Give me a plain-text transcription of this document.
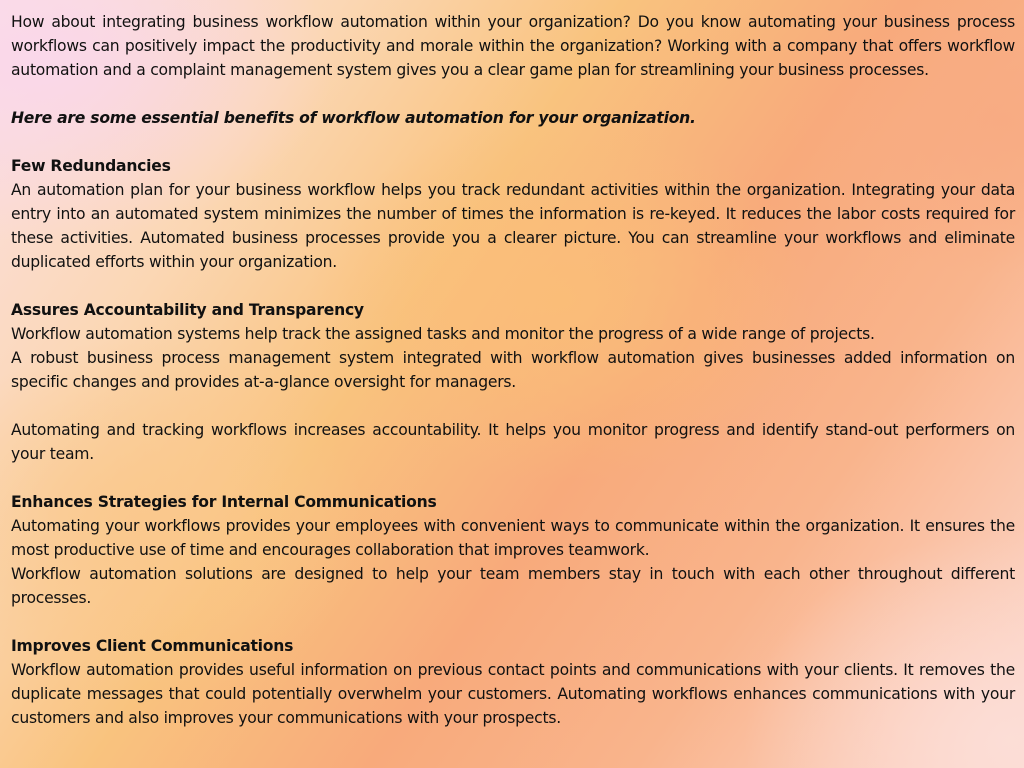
How about integrating business workflow automation within your organization? Do you know automating your business process workflows can positively impact the productivity and morale within the organization? Working with a company that offers workflow automation and a complaint management system gives you a clear game plan for streamlining your business processes.

Here are some essential benefits of workflow automation for your organization.

Few Redundancies

An automation plan for your business workflow helps you track redundant activities within the organization. Integrating your data entry into an automated system minimizes the number of times the information is re-keyed. It reduces the labor costs required for these activities. Automated business processes provide you a clearer picture. You can streamline your workflows and eliminate duplicated efforts within your organization.

Assures Accountability and Transparency

Workflow automation systems help track the assigned tasks and monitor the progress of a wide range of projects.

A robust business process management system integrated with workflow automation gives businesses added information on specific changes and provides at-a-glance oversight for managers.

Automating and tracking workflows increases accountability. It helps you monitor progress and identify stand-out performers on your team.

Enhances Strategies for Internal Communications

Automating your workflows provides your employees with convenient ways to communicate within the organization. It ensures the most productive use of time and encourages collaboration that improves teamwork.

Workflow automation solutions are designed to help your team members stay in touch with each other throughout different processes.

Improves Client Communications

Workflow automation provides useful information on previous contact points and communications with your clients. It removes the duplicate messages that could potentially overwhelm your customers. Automating workflows enhances communications with your customers and also improves your communications with your prospects.
